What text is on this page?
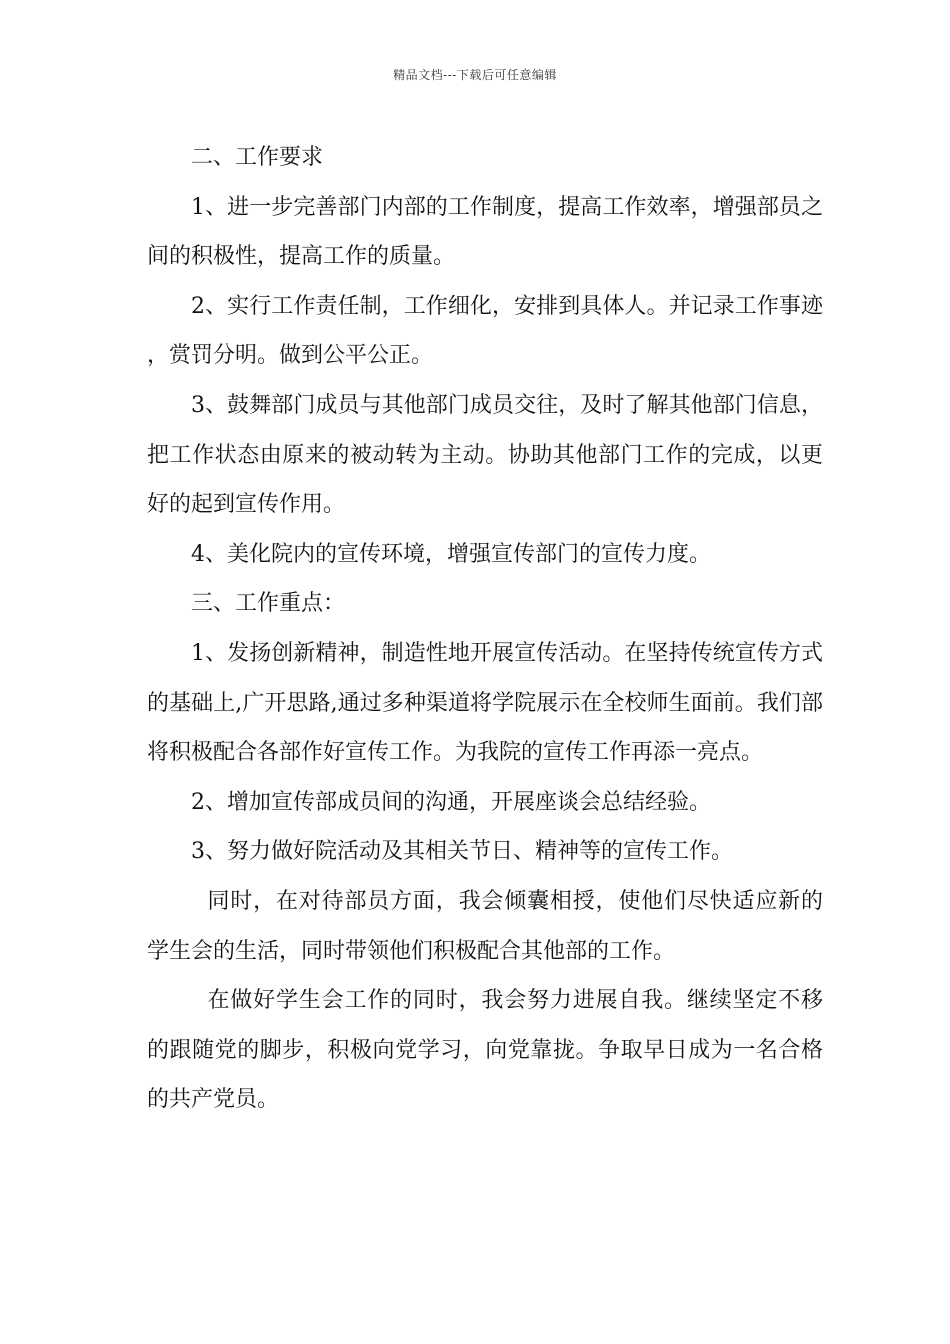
精品文档---下载后可任意编辑

二、工作要求

1、进一步完善部门内部的工作制度，提高工作效率，增强部员之间的积极性，提高工作的质量。

2、实行工作责任制，工作细化，安排到具体人。并记录工作事迹，赏罚分明。做到公平公正。

3、鼓舞部门成员与其他部门成员交往，及时了解其他部门信息，把工作状态由原来的被动转为主动。协助其他部门工作的完成，以更好的起到宣传作用。

4、美化院内的宣传环境，增强宣传部门的宣传力度。

三、工作重点：

1、发扬创新精神，制造性地开展宣传活动。在坚持传统宣传方式的基础上,广开思路,通过多种渠道将学院展示在全校师生面前。我们部将积极配合各部作好宣传工作。为我院的宣传工作再添一亮点。

2、增加宣传部成员间的沟通，开展座谈会总结经验。

3、努力做好院活动及其相关节日、精神等的宣传工作。

同时，在对待部员方面，我会倾囊相授，使他们尽快适应新的学生会的生活，同时带领他们积极配合其他部的工作。

在做好学生会工作的同时，我会努力进展自我。继续坚定不移的跟随党的脚步，积极向党学习，向党靠拢。争取早日成为一名合格的共产党员。
